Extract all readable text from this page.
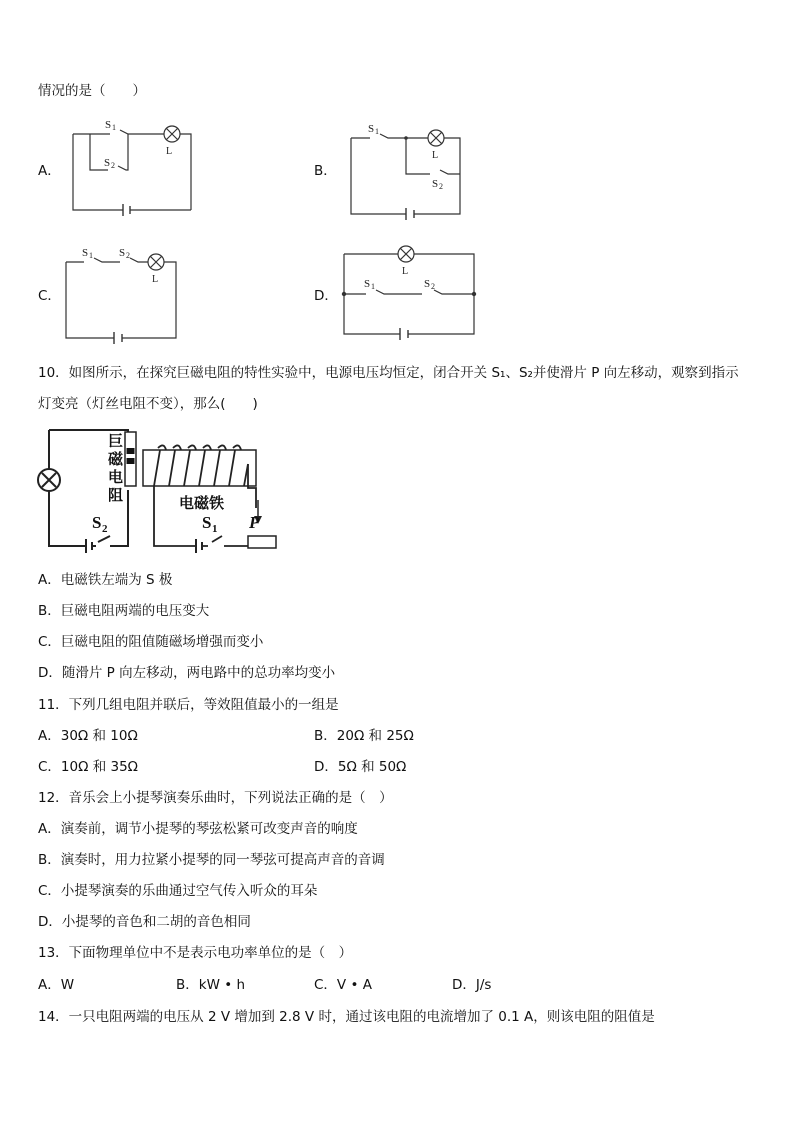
情况的是（　　）
A．
S 1
S 2
L
B．
S 1
S 2
L
C．
S 1 S 2
L
D．
S 1	S 2
L
10．如图所示，在探究巨磁电阻的特性实验中，电源电压均恒定，闭合开关 S₁、S₂并使滑片 P 向左移动，观察到指示
灯变亮（灯丝电阻不变），那么(　　)
巨
磁
电
阻	电磁铁
S 2	S 1 P
A．电磁铁左端为 S 极
B．巨磁电阻两端的电压变大
C．巨磁电阻的阻值随磁场增强而变小
D．随滑片 P 向左移动，两电路中的总功率均变小
11．下列几组电阻并联后，等效阻值最小的一组是
A．30Ω 和 10Ω	B．20Ω 和 25Ω
C．10Ω 和 35Ω	D．5Ω 和 50Ω
12．音乐会上小提琴演奏乐曲时，下列说法正确的是（　）
A．演奏前，调节小提琴的琴弦松紧可改变声音的响度
B．演奏时，用力拉紧小提琴的同一琴弦可提高声音的音调
C．小提琴演奏的乐曲通过空气传入听众的耳朵
D．小提琴的音色和二胡的音色相同
13．下面物理单位中不是表示电功率单位的是（　）
A．W	B．kW • h	C．V • A	D．J/s
14．一只电阻两端的电压从 2 V 增加到 2.8 V 时，通过该电阻的电流增加了 0.1 A，则该电阻的阻值是
